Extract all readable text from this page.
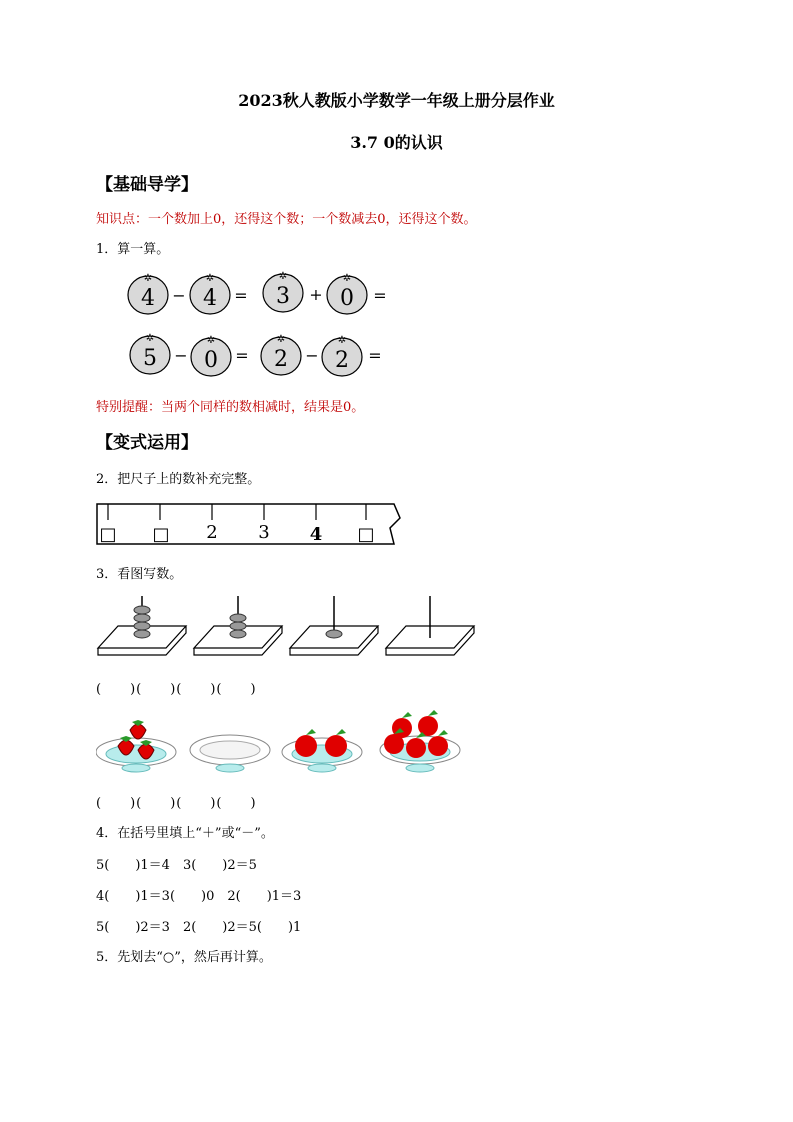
2023秋人教版小学数学一年级上册分层作业
3.7 0的认识
【基础导学】
知识点：一个数加上0，还得这个数；一个数减去0，还得这个数。
1．算一算。
4
✲
− 4
✲
= 3
✲
+ 0
✲
=
5
✲
− 0
✲
= 2
✲
− 2
✲
=
特别提醒：当两个同样的数相减时，结果是0。
【变式运用】
2．把尺子上的数补充完整。
□ □ 2 3 4 □
3．看图写数。
(　　)(　　)(　　)(　　)
(　　)(　　)(　　)(　　)
4．在括号里填上“＋”或“－”。
5(　　)1＝4　3(　　)2＝5
4(　　)1＝3(　　)0　2(　　)1＝3
5(　　)2＝3　2(　　)2＝5(　　)1
5．先划去“○”，然后再计算。
